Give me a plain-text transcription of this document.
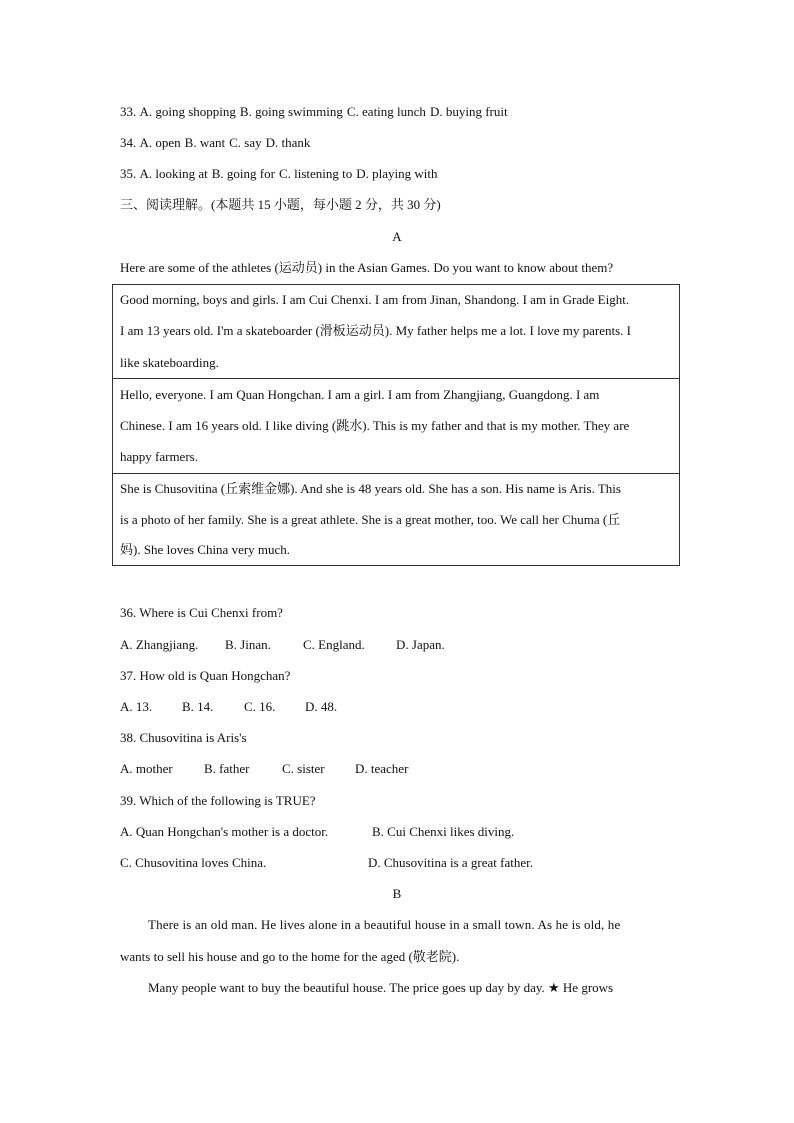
33. A. going shopping B. going swimming C. eating lunch D. buying fruit
34. A. open B. want C. say D. thank
35. A. looking at B. going for C. listening to D. playing with
三、阅读理解。(本题共 15 小题，每小题 2 分，共 30 分)
A
Here are some of the athletes (运动员) in the Asian Games. Do you want to know about them?
Good morning, boys and girls. I am Cui Chenxi. I am from Jinan, Shandong. I am in Grade Eight.
I am 13 years old. I'm a skateboarder (滑板运动员). My father helps me a lot. I love my parents. I
like skateboarding.
Hello, everyone. I am Quan Hongchan. I am a girl. I am from Zhangjiang, Guangdong. I am
Chinese. I am 16 years old. I like diving (跳水). This is my father and that is my mother. They are
happy farmers.
She is Chusovitina (丘索维金娜). And she is 48 years old. She has a son. His name is Aris. This
is a photo of her family. She is a great athlete. She is a great mother, too. We call her Chuma (丘
妈). She loves China very much.
36. Where is Cui Chenxi from?
A. Zhangjiang. B. Jinan. C. England. D. Japan.
37. How old is Quan Hongchan?
A. 13. B. 14. C. 16. D. 48.
38. Chusovitina is Aris's
A. mother B. father	C. sister D. teacher
39. Which of the following is TRUE?
A. Quan Hongchan's mother is a doctor.	B. Cui Chenxi likes diving.
C. Chusovitina loves China.	D. Chusovitina is a great father.
B
There is an old man. He lives alone in a beautiful house in a small town. As he is old, he
wants to sell his house and go to the home for the aged (敬老院).
Many people want to buy the beautiful house. The price goes up day by day. ★ He grows
